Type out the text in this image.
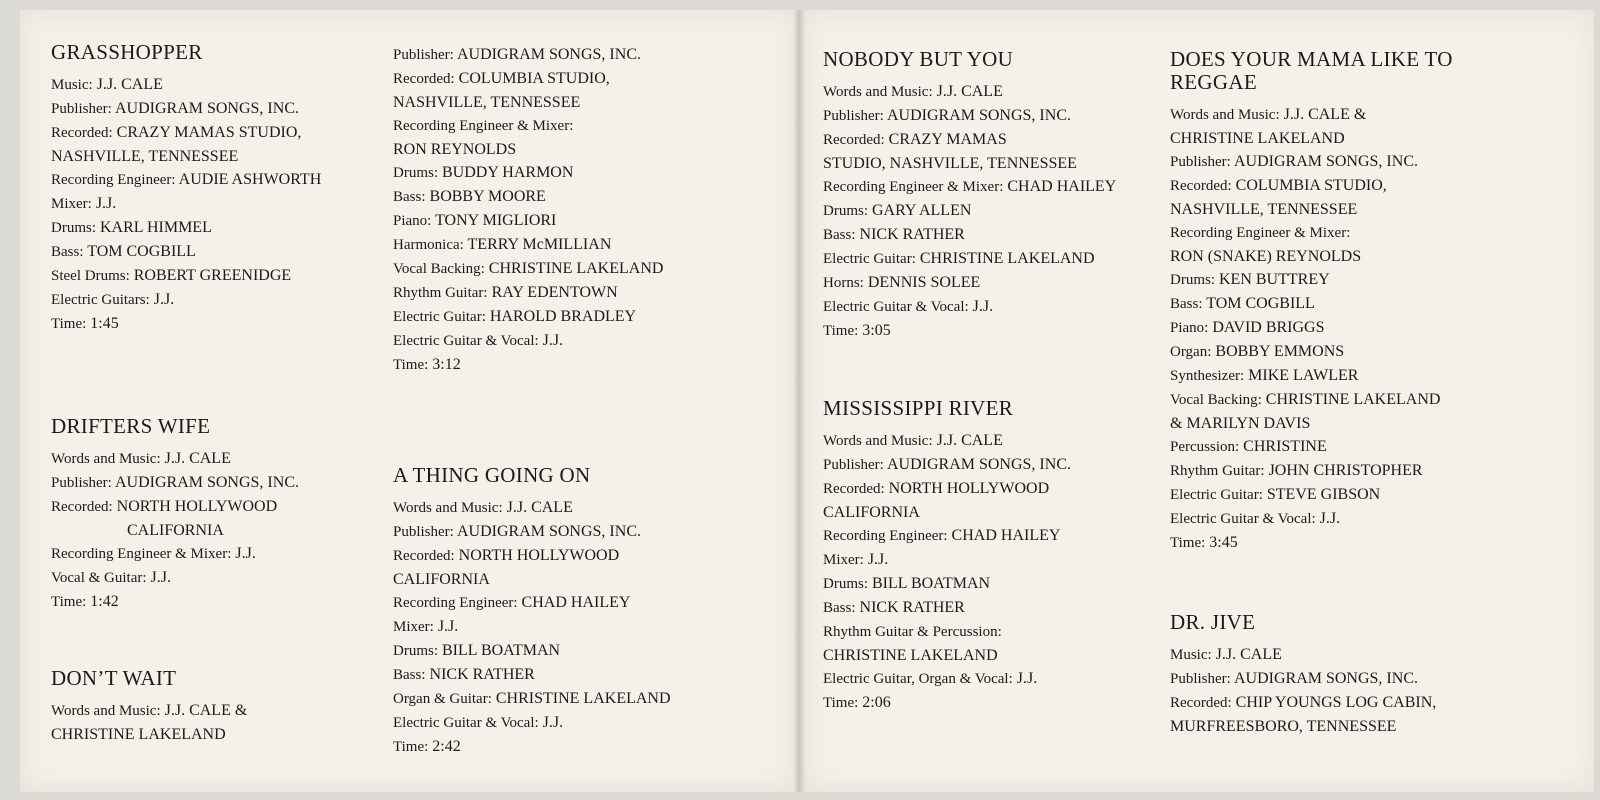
GRASSHOPPER
Music: J.J. CALE
Publisher: AUDIGRAM SONGS, INC.
Recorded: CRAZY MAMAS STUDIO,
NASHVILLE, TENNESSEE
Recording Engineer: AUDIE ASHWORTH
Mixer: J.J.
Drums: KARL HIMMEL
Bass: TOM COGBILL
Steel Drums: ROBERT GREENIDGE
Electric Guitars: J.J.
Time: 1:45
DRIFTERS WIFE
Words and Music: J.J. CALE
Publisher: AUDIGRAM SONGS, INC.
Recorded: NORTH HOLLYWOOD
CALIFORNIA
Recording Engineer & Mixer: J.J.
Vocal & Guitar: J.J.
Time: 1:42
DON’T WAIT
Words and Music: J.J. CALE &
CHRISTINE LAKELAND
Publisher: AUDIGRAM SONGS, INC.
Recorded: COLUMBIA STUDIO,
NASHVILLE, TENNESSEE
Recording Engineer & Mixer:
RON REYNOLDS
Drums: BUDDY HARMON
Bass: BOBBY MOORE
Piano: TONY MIGLIORI
Harmonica: TERRY McMILLIAN
Vocal Backing: CHRISTINE LAKELAND
Rhythm Guitar: RAY EDENTOWN
Electric Guitar: HAROLD BRADLEY
Electric Guitar & Vocal: J.J.
Time: 3:12
A THING GOING ON
Words and Music: J.J. CALE
Publisher: AUDIGRAM SONGS, INC.
Recorded: NORTH HOLLYWOOD
CALIFORNIA
Recording Engineer: CHAD HAILEY
Mixer: J.J.
Drums: BILL BOATMAN
Bass: NICK RATHER
Organ & Guitar: CHRISTINE LAKELAND
Electric Guitar & Vocal: J.J.
Time: 2:42
NOBODY BUT YOU
Words and Music: J.J. CALE
Publisher: AUDIGRAM SONGS, INC.
Recorded: CRAZY MAMAS
STUDIO, NASHVILLE, TENNESSEE
Recording Engineer & Mixer: CHAD HAILEY
Drums: GARY ALLEN
Bass: NICK RATHER
Electric Guitar: CHRISTINE LAKELAND
Horns: DENNIS SOLEE
Electric Guitar & Vocal: J.J.
Time: 3:05
MISSISSIPPI RIVER
Words and Music: J.J. CALE
Publisher: AUDIGRAM SONGS, INC.
Recorded: NORTH HOLLYWOOD
CALIFORNIA
Recording Engineer: CHAD HAILEY
Mixer: J.J.
Drums: BILL BOATMAN
Bass: NICK RATHER
Rhythm Guitar & Percussion:
CHRISTINE LAKELAND
Electric Guitar, Organ & Vocal: J.J.
Time: 2:06
DOES YOUR MAMA LIKE TO REGGAE
Words and Music: J.J. CALE &
CHRISTINE LAKELAND
Publisher: AUDIGRAM SONGS, INC.
Recorded: COLUMBIA STUDIO,
NASHVILLE, TENNESSEE
Recording Engineer & Mixer:
RON (SNAKE) REYNOLDS
Drums: KEN BUTTREY
Bass: TOM COGBILL
Piano: DAVID BRIGGS
Organ: BOBBY EMMONS
Synthesizer: MIKE LAWLER
Vocal Backing: CHRISTINE LAKELAND
& MARILYN DAVIS
Percussion: CHRISTINE
Rhythm Guitar: JOHN CHRISTOPHER
Electric Guitar: STEVE GIBSON
Electric Guitar & Vocal: J.J.
Time: 3:45
DR. JIVE
Music: J.J. CALE
Publisher: AUDIGRAM SONGS, INC.
Recorded: CHIP YOUNGS LOG CABIN,
MURFREESBORO, TENNESSEE
